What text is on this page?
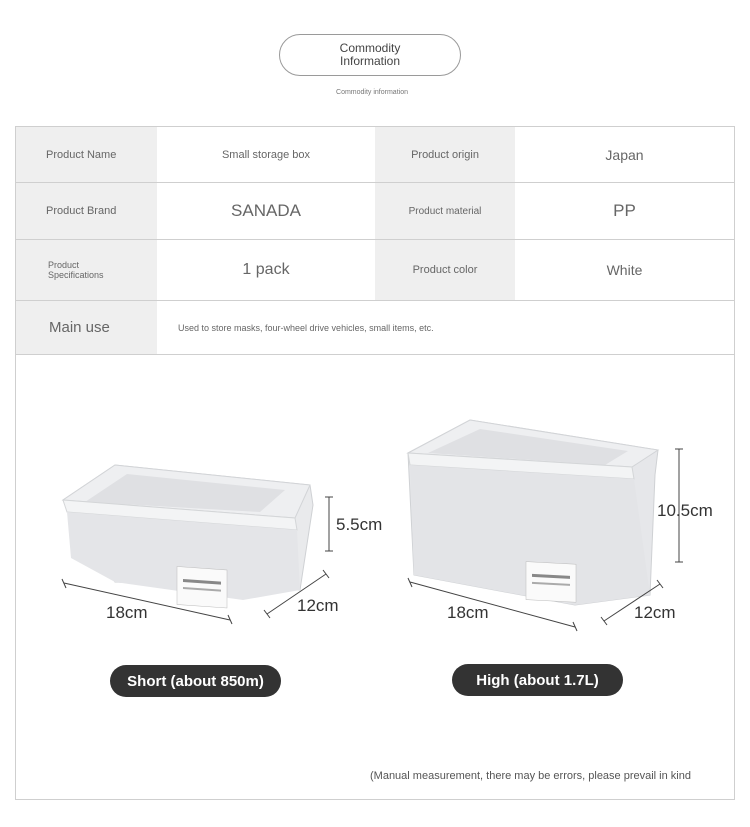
Commodity
Information
Commodity information
Product Name	Small storage box	Product origin	Japan
Product Brand	SANADA	Product material	PP
Product
Specifications	1 pack	Product color	White
Main use	Used to store masks, four-wheel drive vehicles, small items, etc.
18cm	12cm
5.5cm
18cm	12cm
10.5cm
Short (about 850m)	High (about 1.7L)
(Manual measurement, there may be errors, please prevail in kind
